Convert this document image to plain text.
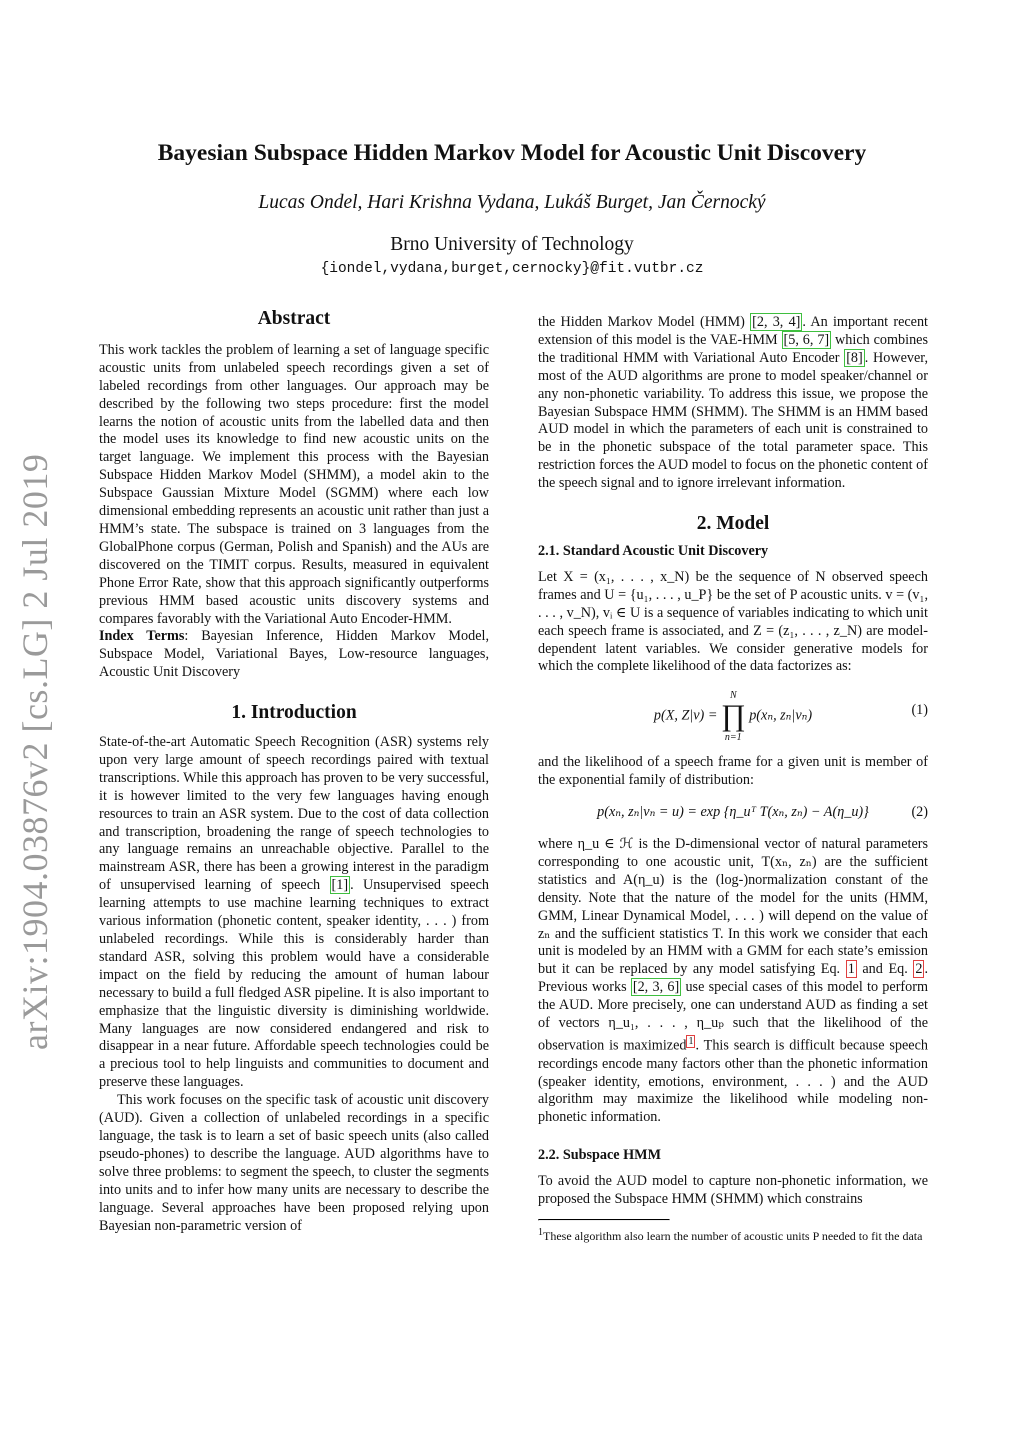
arXiv:1904.03876v2 [cs.LG] 2 Jul 2019
Bayesian Subspace Hidden Markov Model for Acoustic Unit Discovery
Lucas Ondel, Hari Krishna Vydana, Lukáš Burget, Jan Černocký
Brno University of Technology
{iondel,vydana,burget,cernocky}@fit.vutbr.cz
Abstract

This work tackles the problem of learning a set of language specific acoustic units from unlabeled speech recordings given a set of labeled recordings from other languages. Our approach may be described by the following two steps procedure: first the model learns the notion of acoustic units from the labelled data and then the model uses its knowledge to find new acoustic units on the target language. We implement this process with the Bayesian Subspace Hidden Markov Model (SHMM), a model akin to the Subspace Gaussian Mixture Model (SGMM) where each low dimensional embedding represents an acoustic unit rather than just a HMM’s state. The subspace is trained on 3 languages from the GlobalPhone corpus (German, Polish and Spanish) and the AUs are discovered on the TIMIT corpus. Results, measured in equivalent Phone Error Rate, show that this approach significantly outperforms previous HMM based acoustic units discovery systems and compares favorably with the Variational Auto Encoder-HMM.

Index Terms: Bayesian Inference, Hidden Markov Model, Subspace Model, Variational Bayes, Low-resource languages, Acoustic Unit Discovery

1. Introduction

State-of-the-art Automatic Speech Recognition (ASR) systems rely upon very large amount of speech recordings paired with textual transcriptions. While this approach has proven to be very successful, it is however limited to the very few languages having enough resources to train an ASR system. Due to the cost of data collection and transcription, broadening the range of speech technologies to any language remains an unreachable objective. Parallel to the mainstream ASR, there has been a growing interest in the paradigm of unsupervised learning of speech [1] . Unsupervised speech learning attempts to use machine learning techniques to extract various information (phonetic content, speaker identity, . . . ) from unlabeled recordings. While this is considerably harder than standard ASR, solving this problem would have a considerable impact on the field by reducing the amount of human labour necessary to build a full fledged ASR pipeline. It is also important to emphasize that the linguistic diversity is diminishing worldwide. Many languages are now considered endangered and risk to disappear in a near future. Affordable speech technologies could be a precious tool to help linguists and communities to document and preserve these languages.

This work focuses on the specific task of acoustic unit discovery (AUD). Given a collection of unlabeled recordings in a specific language, the task is to learn a set of basic speech units (also called pseudo-phones) to describe the language. AUD algorithms have to solve three problems: to segment the speech, to cluster the segments into units and to infer how many units are necessary to describe the language. Several approaches have been proposed relying upon Bayesian non-parametric version of

the Hidden Markov Model (HMM) [2, 3, 4] . An important recent extension of this model is the VAE-HMM [5, 6, 7] which combines the traditional HMM with Variational Auto Encoder [8] . However, most of the AUD algorithms are prone to model speaker/channel or any non-phonetic variability. To address this issue, we propose the Bayesian Subspace HMM (SHMM). The SHMM is an HMM based AUD model in which the parameters of each unit is constrained to be in the phonetic subspace of the total parameter space. This restriction forces the AUD model to focus on the phonetic content of the speech signal and to ignore irrelevant information.

2. Model
2.1. Standard Acoustic Unit Discovery

Let X = (x₁, . . . , x_N) be the sequence of N observed speech frames and U = {u₁, . . . , u_P} be the set of P acoustic units. v = (v₁, . . . , v_N), vᵢ ∈ U is a sequence of variables indicating to which unit each speech frame is associated, and Z = (z₁, . . . , z_N) are model-dependent latent variables. We consider generative models for which the complete likelihood of the data factorizes as:

p(X, Z|v) = N
∏
n=1 p(xₙ, zₙ|vₙ)	(1)

and the likelihood of a speech frame for a given unit is member of the exponential family of distribution:

p(xₙ, zₙ|vₙ = u) = exp {η_uᵀ T(xₙ, zₙ) − A(η_u)}	(2)

where η_u ∈ ℋ is the D-dimensional vector of natural parameters corresponding to one acoustic unit, T(xₙ, zₙ) are the sufficient statistics and A(η_u) is the (log-)normalization constant of the density. Note that the nature of the model for the units (HMM, GMM, Linear Dynamical Model, . . . ) will depend on the value of zₙ and the sufficient statistics T. In this work we consider that each unit is modeled by an HMM with a GMM for each state’s emission but it can be replaced by any model satisfying Eq. 1 and Eq. 2 . Previous works [2, 3, 6] use special cases of this model to perform the AUD. More precisely, one can understand AUD as finding a set of vectors η_u₁, . . . , η_uₚ such that the likelihood of the observation is maximized $^1$ . This search is difficult because speech recordings encode many factors other than the phonetic information (speaker identity, emotions, environment, . . . ) and the AUD algorithm may maximize the likelihood while modeling non-phonetic information.

2.2. Subspace HMM

To avoid the AUD model to capture non-phonetic information, we proposed the Subspace HMM (SHMM) which constrains

$^1$These algorithm also learn the number of acoustic units P needed to fit the data
